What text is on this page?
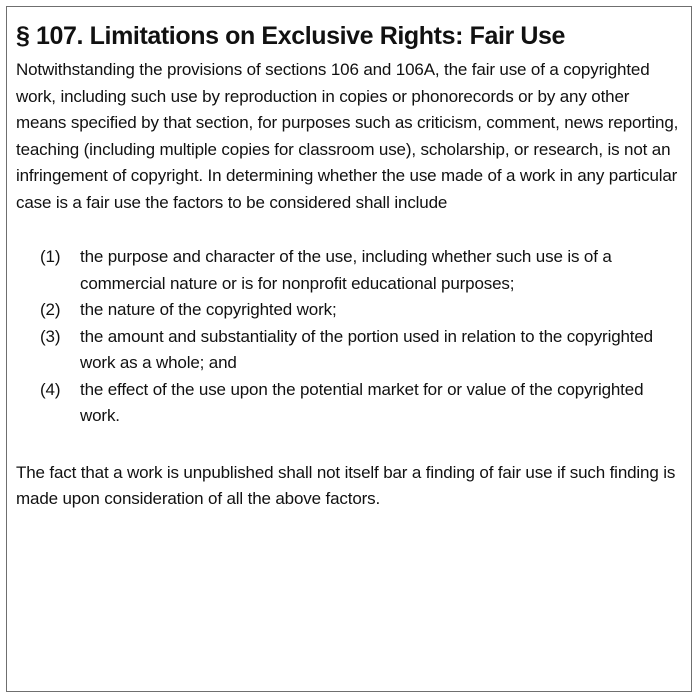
§ 107. Limitations on Exclusive Rights: Fair Use

Notwithstanding the provisions of sections 106 and 106A, the fair use of a copyrighted work, including such use by reproduction in copies or phonorecords or by any other means specified by that section, for purposes such as criticism, comment, news reporting, teaching (including multiple copies for classroom use), scholarship, or research, is not an infringement of copyright. In determining whether the use made of a work in any particular case is a fair use the factors to be considered shall include

(1)	the purpose and character of the use, including whether such use is of a commercial nature or is for nonprofit educational purposes;
(2)	the nature of the copyrighted work;
(3)	the amount and substantiality of the portion used in relation to the copyrighted work as a whole; and
(4)	the effect of the use upon the potential market for or value of the copyrighted work.

The fact that a work is unpublished shall not itself bar a finding of fair use if such finding is made upon consideration of all the above factors.
